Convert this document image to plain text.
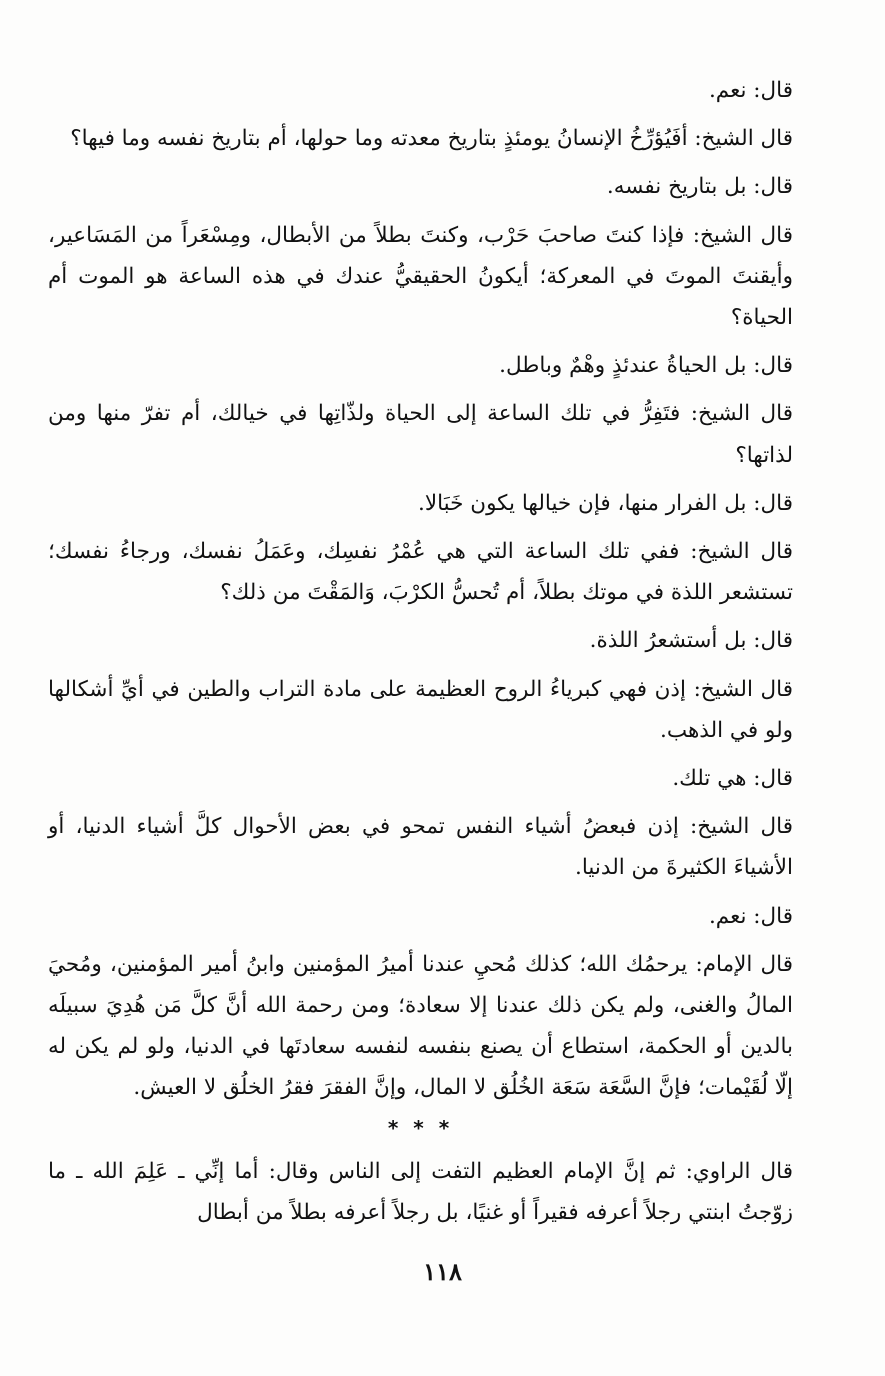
قال: نعم.

قال الشيخ: أفَيُؤرِّخُ الإنسانُ يومئذٍ بتاريخ معدته وما حولها، أم بتاريخ نفسه وما فيها؟

قال: بل بتاريخ نفسه.

قال الشيخ: فإذا كنتَ صاحبَ حَرْب، وكنتَ بطلاً من الأبطال، ومِسْعَراً من المَسَاعير، وأيقنتَ الموتَ في المعركة؛ أيكونُ الحقيقيُّ عندك في هذه الساعة هو الموت أم الحياة؟

قال: بل الحياةُ عندئذٍ وهْمٌ وباطل.

قال الشيخ: فتَفِرُّ في تلك الساعة إلى الحياة ولذّاتِها في خيالك، أم تفرّ منها ومن لذاتها؟

قال: بل الفرار منها، فإن خيالها يكون خَبَالا.

قال الشيخ: ففي تلك الساعة التي هي عُمْرُ نفسِك، وعَمَلُ نفسك، ورجاءُ نفسك؛ تستشعر اللذة في موتك بطلاً، أم تُحسُّ الكرْبَ، وَالمَقْتَ من ذلك؟

قال: بل أستشعرُ اللذة.

قال الشيخ: إذن فهي كبرياءُ الروح العظيمة على مادة التراب والطين في أيِّ أشكالها ولو في الذهب.

قال: هي تلك.

قال الشيخ: إذن فبعضُ أشياء النفس تمحو في بعض الأحوال كلَّ أشياء الدنيا، أو الأشياءَ الكثيرةَ من الدنيا.

قال: نعم.

قال الإمام: يرحمُك الله؛ كذلك مُحيِ عندنا أميرُ المؤمنين وابنُ أمير المؤمنين، ومُحيَ المالُ والغنى، ولم يكن ذلك عندنا إلا سعادة؛ ومن رحمة الله أنَّ كلَّ مَن هُدِيَ سبيلَه بالدين أو الحكمة، استطاع أن يصنع بنفسه لنفسه سعادتَها في الدنيا، ولو لم يكن له إلّا لُقَيْمات؛ فإنَّ السَّعَة سَعَة الخُلُق لا المال، وإنَّ الفقرَ فقرُ الخلُق لا العيش.

* * *

قال الراوي: ثم إنَّ الإمام العظيم التفت إلى الناس وقال: أما إنِّي ـ عَلِمَ الله ـ ما زوّجتُ ابنتي رجلاً أعرفه فقيراً أو غنيًا، بل رجلاً أعرفه بطلاً من أبطال

١١٨
